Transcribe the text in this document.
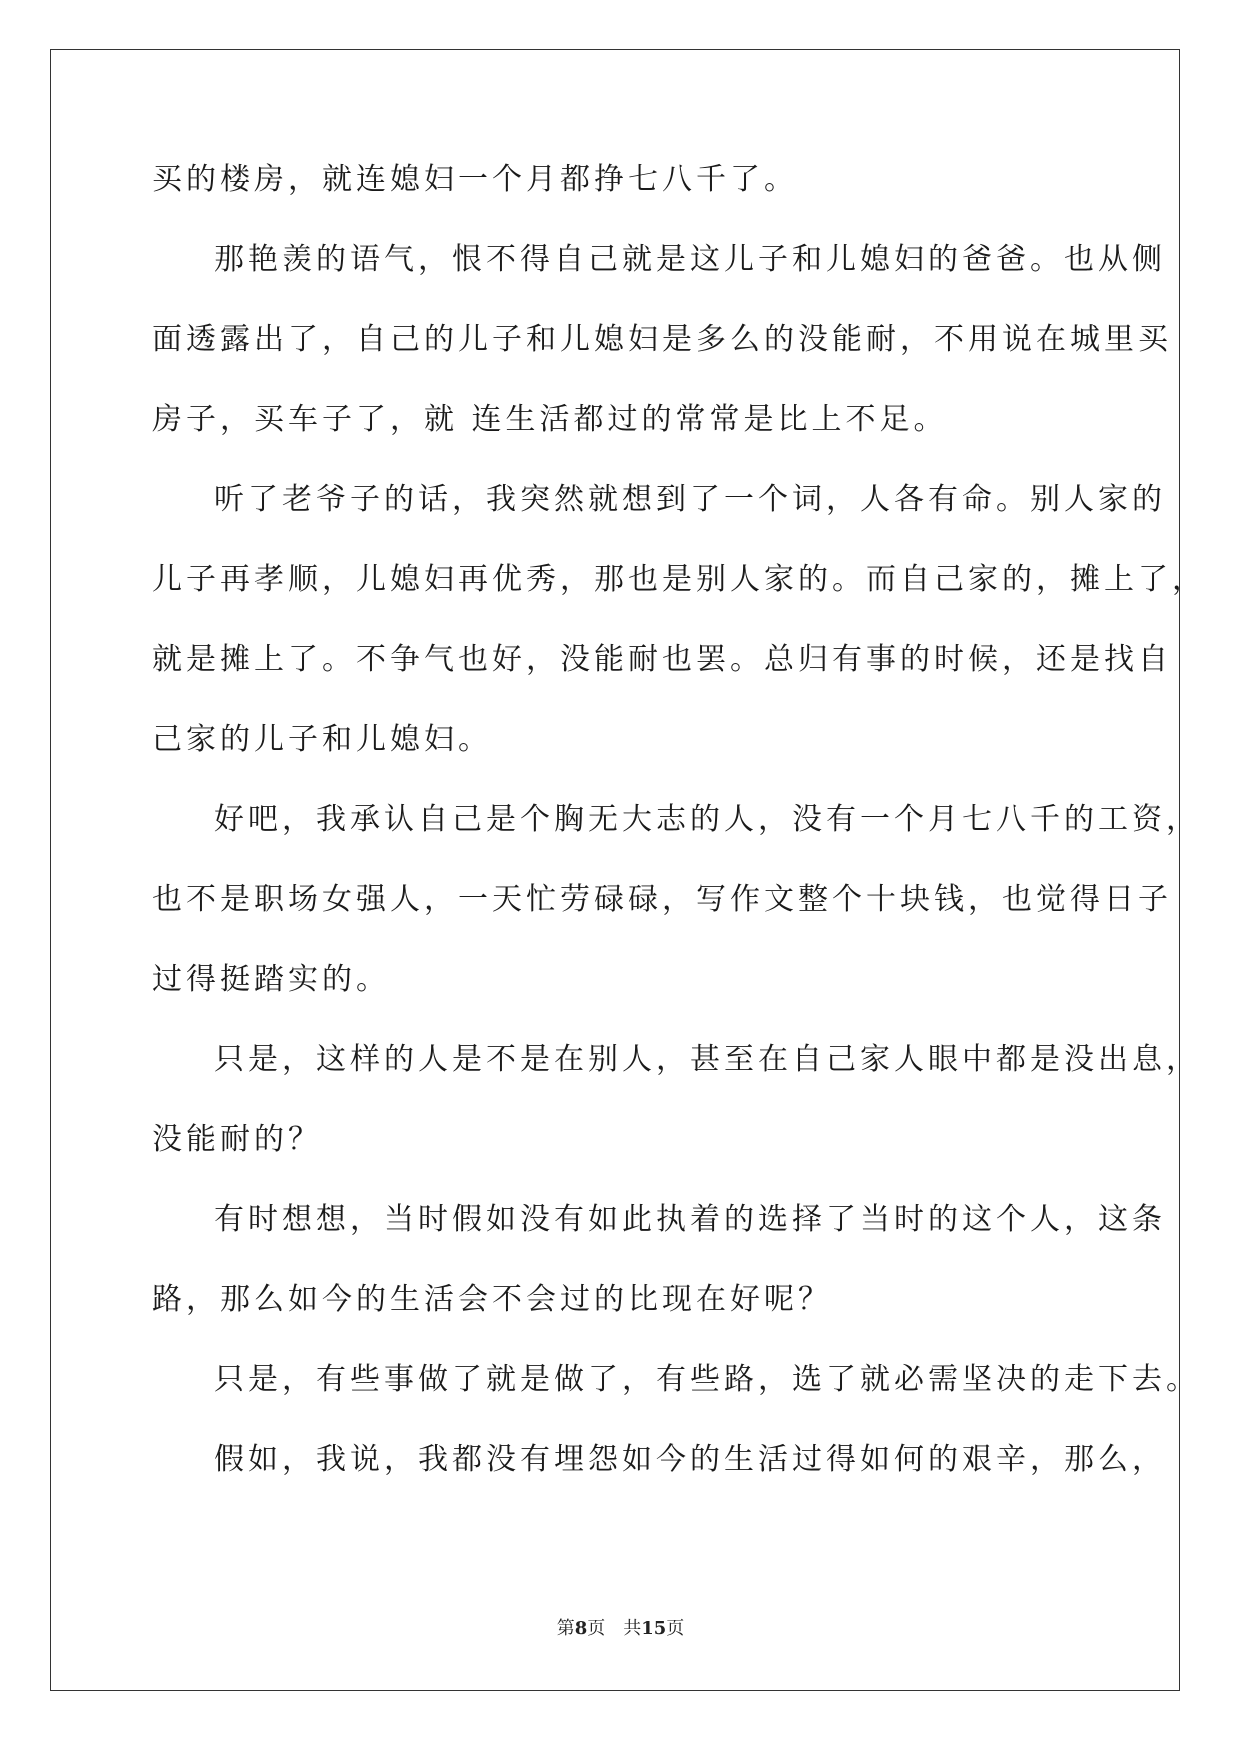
买的楼房，就连媳妇一个月都挣七八千了。
那艳羡的语气，恨不得自己就是这儿子和儿媳妇的爸爸。也从侧
面透露出了，自己的儿子和儿媳妇是多么的没能耐，不用说在城里买
房子，买车子了，就 连生活都过的常常是比上不足。
听了老爷子的话，我突然就想到了一个词，人各有命。别人家的
儿子再孝顺，儿媳妇再优秀，那也是别人家的。而自己家的，摊上了，
就是摊上了。不争气也好，没能耐也罢。总归有事的时候，还是找自
己家的儿子和儿媳妇。
好吧，我承认自己是个胸无大志的人，没有一个月七八千的工资，
也不是职场女强人，一天忙劳碌碌，写作文整个十块钱，也觉得日子
过得挺踏实的。
只是，这样的人是不是在别人，甚至在自己家人眼中都是没出息，
没能耐的？
有时想想，当时假如没有如此执着的选择了当时的这个人，这条
路，那么如今的生活会不会过的比现在好呢？
只是，有些事做了就是做了，有些路，选了就必需坚决的走下去。
假如，我说，我都没有埋怨如今的生活过得如何的艰辛，那么，
第8页 共15页
